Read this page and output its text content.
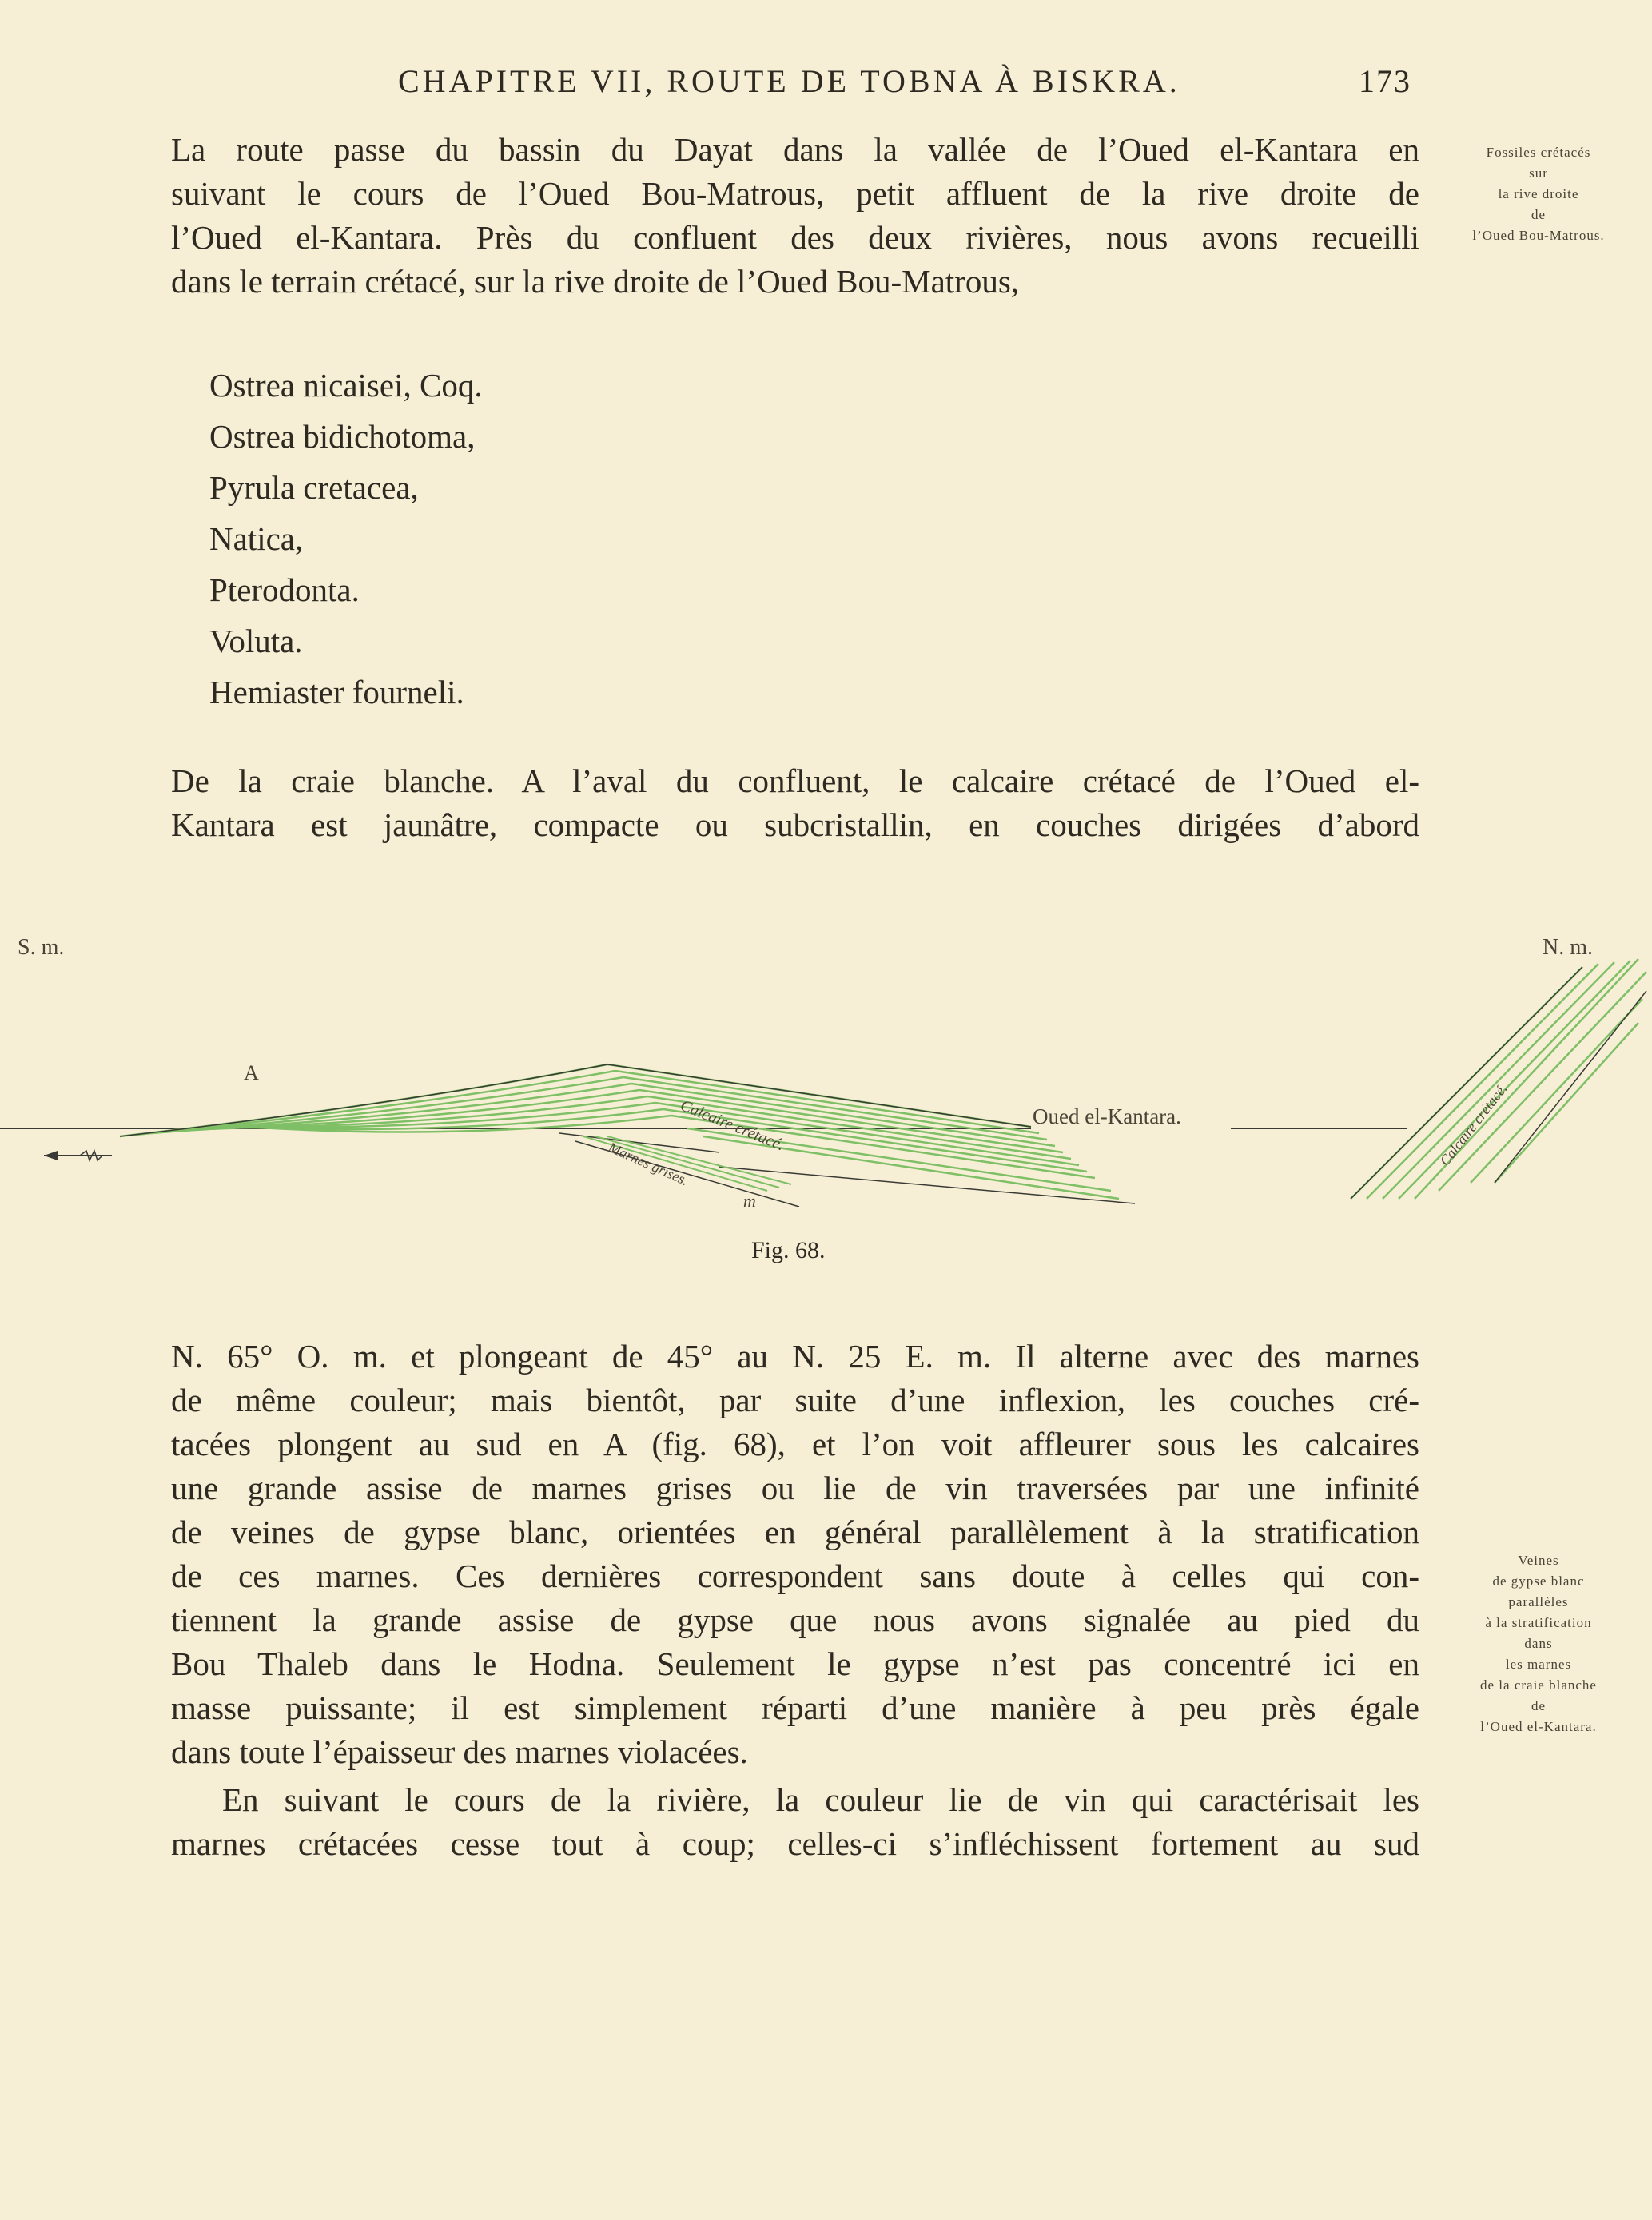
CHAPITRE VII, ROUTE DE TOBNA À BISKRA.	173

La route passe du bassin du Dayat dans la vallée de l’Oued el-Kantara en
suivant le cours de l’Oued Bou-Matrous, petit affluent de la rive droite de
l’Oued el-Kantara. Près du confluent des deux rivières, nous avons recueilli
dans le terrain crétacé, sur la rive droite de l’Oued Bou-Matrous,

Fossiles crétacés
sur
la rive droite
de
l’Oued Bou-Matrous.
Ostrea nicaisei, Coq.
Ostrea bidichotoma,
Pyrula cretacea,
Natica,
Pterodonta.
Voluta.
Hemiaster fourneli.

De la craie blanche. A l’aval du confluent, le calcaire crétacé de l’Oued el-
Kantara est jaunâtre, compacte ou subcristallin, en couches dirigées d’abord

S. m.	N. m.
A
Oued el-Kantara.
m
Calcaire crétacé.
Marnes grises.	Calcaire crétacé.
Fig. 68.

N. 65° O. m. et plongeant de 45° au N. 25 E. m. Il alterne avec des marnes
de même couleur; mais bientôt, par suite d’une inflexion, les couches cré-
tacées plongent au sud en A (fig. 68), et l’on voit affleurer sous les calcaires
une grande assise de marnes grises ou lie de vin traversées par une infinité
de veines de gypse blanc, orientées en général parallèlement à la stratification
de ces marnes. Ces dernières correspondent sans doute à celles qui con-
tiennent la grande assise de gypse que nous avons signalée au pied du
Bou Thaleb dans le Hodna. Seulement le gypse n’est pas concentré ici en
masse puissante; il est simplement réparti d’une manière à peu près égale
dans toute l’épaisseur des marnes violacées.

Veines
de gypse blanc
parallèles
à la stratification
dans
les marnes
de la craie blanche
de
l’Oued el-Kantara.

En suivant le cours de la rivière, la couleur lie de vin qui caractérisait les
marnes crétacées cesse tout à coup; celles-ci s’infléchissent fortement au sud
